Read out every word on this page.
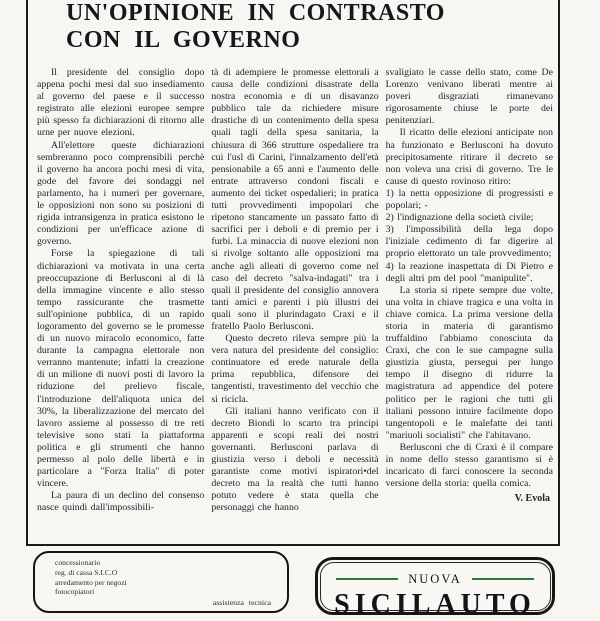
UN'OPINIONE IN CONTRASTO
CON IL GOVERNO

Il presidente del consiglio dopo appena pochi mesi dal suo insediamento al governo del paese e il successo registrato alle elezioni europee sempre più spesso fa dichiarazioni di ritorno alle urne per nuove elezioni.

All'elettore queste dichiarazioni sembreranno poco comprensibili perchè il governo ha ancora pochi mesi di vita, gode del favore dei sondaggi nel parlamento, ha i numeri per governare, le opposizioni non sono su posizioni di rigida intransigenza in pratica esistono le condizioni per un'efficace azione di governo.

Forse la spiegazione di tali dichiarazioni va motivata in una certa preoccupazione di Berlusconi al di là della immagine vincente e allo stesso tempo rassicurante che trasmette sull'opinione pubblica, di un rapido logoramento del governo se le promesse di un nuovo miracolo economico, fatte durante la campagna elettorale non verranno mantenute; infatti la creazione di un milione di nuovi posti di lavoro la riduzione del prelievo fiscale, l'introduzione dell'aliquota unica del 30%, la liberalizzazione del mercato del lavoro assieme al possesso di tre reti televisive sono stati la piattaforma politica e gli strumenti che hanno permesso al polo delle libertà e in particolare a "Forza Italia" di poter vincere.

La paura di un declino del consenso nasce quindi dall'impossibili-

tà di adempiere le promesse elettorali a causa delle condizioni disastrate della nostra economia e di un disavanzo pubblico tale da richiedere misure drastiche di un contenimento della spesa quali tagli della spesa sanitaria, la chiusura di 366 strutture ospedaliere tra cui l'usl di Carini, l'innalzamento dell'età pensionabile a 65 anni e l'aumento delle entrate attraverso condoni fiscali e aumento dei ticket ospedalieri; in pratica tutti provvedimenti impopolari che ripetono stancamente un passato fatto di sacrifici per i deboli e di premio per i furbi. La minaccia di nuove elezioni non si rivolge soltanto alle opposizioni ma anche agli alleati di governo come nel caso del decreto "salva-indagati" tra i quali il presidente del consiglio annovera tanti amici e parenti i più illustri dei quali sono il plurindagato Craxi e il fratello Paolo Berlusconi.

Questo decreto rileva sempre più la vera natura del presidente del consiglio: continuatore ed erede naturale della prima repubblica, difensore dei tangentisti, travestimento del vecchio che si ricicla.

Gli italiani hanno verificato con il decreto Biondi lo scarto tra principi apparenti e scopi reali dei nostri governanti. Berlusconi parlava di giustizia verso i deboli e necessità garantiste come motivi ispiratori•del decreto ma la realtà che tutti hanno potuto vedere è stata quella che personaggi che hanno

svaligiato le casse dello stato, come De Lorenzo venivano liberati mentre ai poveri disgraziati rimanevano rigorosamente chiuse le porte dei penitenziari.

Il ricatto delle elezioni anticipate non ha funzionato e Berlusconi ha dovuto precipitosamente ritirare il decreto se non voleva una crisi di governo. Tre le cause di questo rovinoso ritiro:

1) la netta opposizione di progressisti e popolari; -

2) l'indignazione della società civile;

3) l'impossibilità della lega dopo l'iniziale cedimento di far digerire al proprio elettorato un tale provvedimento;

4) la reazione inaspettata di Di Pietro e degli altri pm del pool "manipulite".

La storia si ripete sempre due volte, una volta in chiave tragica e una volta in chiave comica. La prima versione della storia in materia di garantismo truffaldino l'abbiamo conosciuta da Craxi, che con le sue campagne sulla giustizia giusta, persegui per lungo tempo il disegno di ridurre la magistratura ad appendice del potere politico per le ragioni che tutti gli italiani possono intuire facilmente dopo tangentopoli e le malefatte dei tanti "mariuoli socialisti" che l'abitavano.

Berlusconi che di Craxi è il compare in nome dello stesso garantismo si è incaricato di farci conoscere la seconda versione della storia: quella comica.

V. Evola
concessionario
reg. di cassa S.I.C.O
arredamento per negozi
fotocopiatori
assistenza tecnica
NUOVA
SICILAUTO
